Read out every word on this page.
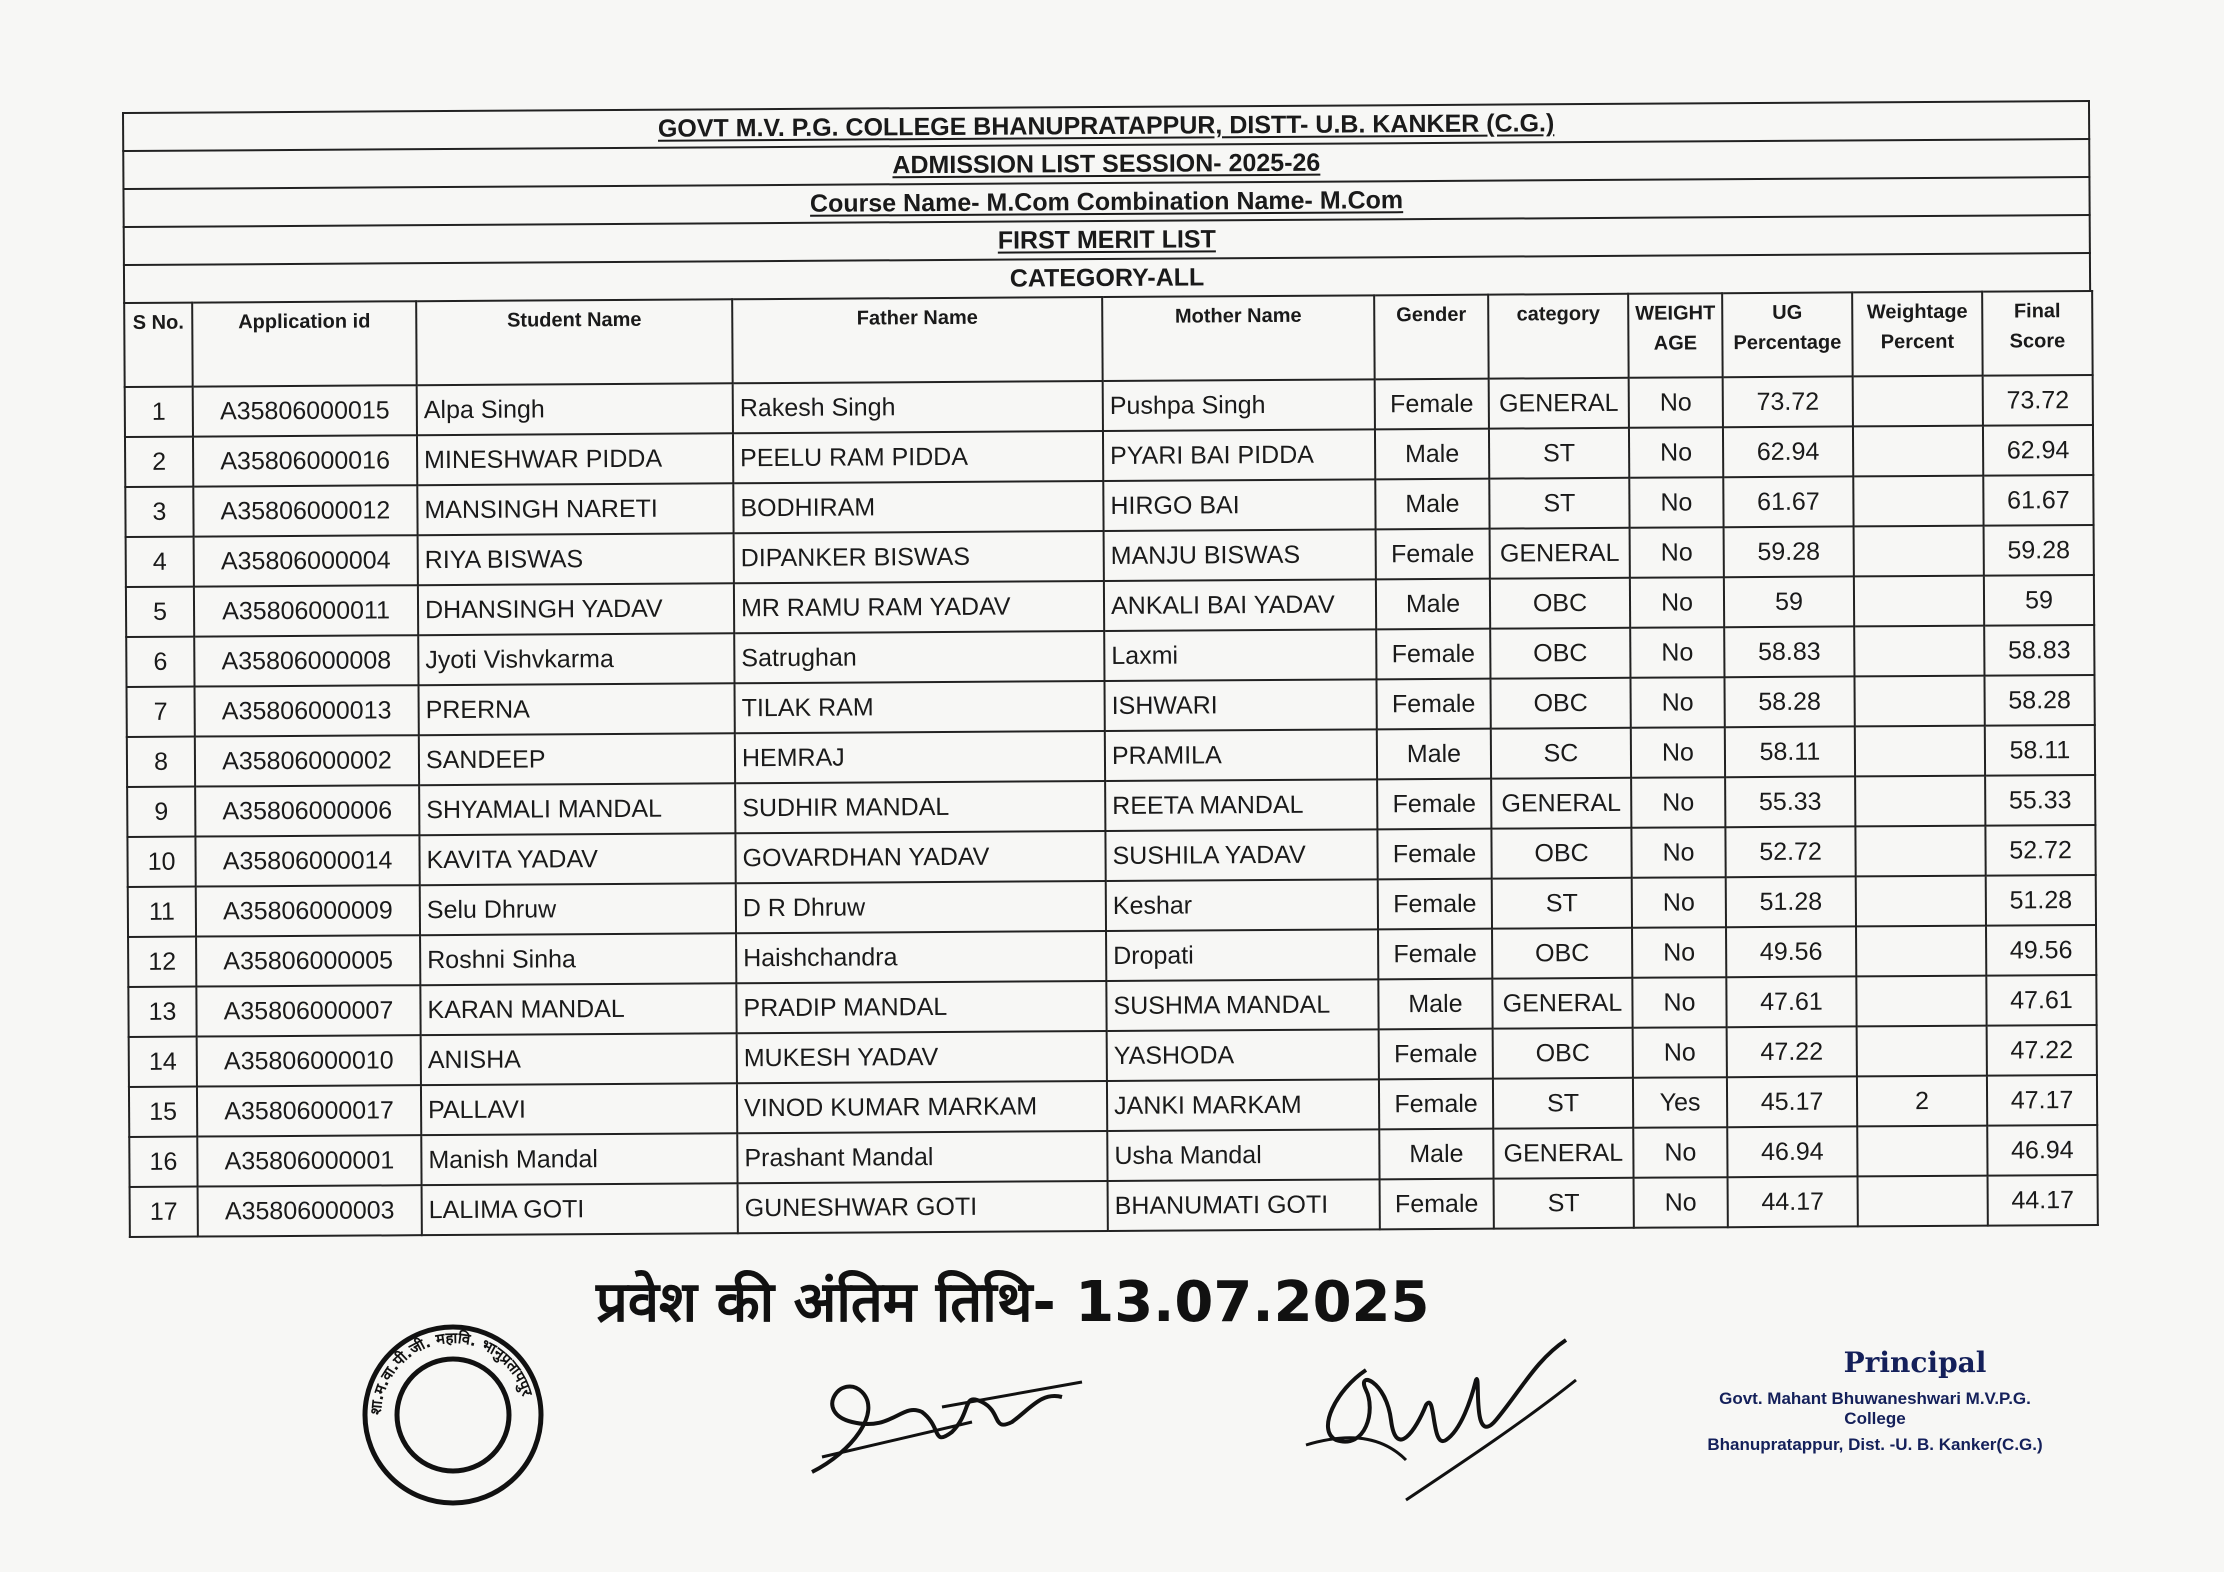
GOVT M.V. P.G. COLLEGE BHANUPRATAPPUR, DISTT- U.B. KANKER (C.G.)
ADMISSION LIST SESSION- 2025-26
Course Name- M.Com Combination Name- M.Com
FIRST MERIT LIST
CATEGORY-ALL
S No.	Application id	Student Name	Father Name	Mother Name	Gender	category	WEIGHT AGE	UG Percentage	Weightage Percent	Final Score
1	A35806000015	Alpa Singh	Rakesh Singh	Pushpa Singh	Female	GENERAL	No	73.72		73.72
2	A35806000016	MINESHWAR PIDDA	PEELU RAM PIDDA	PYARI BAI PIDDA	Male	ST	No	62.94		62.94
3	A35806000012	MANSINGH NARETI	BODHIRAM	HIRGO BAI	Male	ST	No	61.67		61.67
4	A35806000004	RIYA BISWAS	DIPANKER BISWAS	MANJU BISWAS	Female	GENERAL	No	59.28		59.28
5	A35806000011	DHANSINGH YADAV	MR RAMU RAM YADAV	ANKALI BAI YADAV	Male	OBC	No	59		59
6	A35806000008	Jyoti Vishvkarma	Satrughan	Laxmi	Female	OBC	No	58.83		58.83
7	A35806000013	PRERNA	TILAK RAM	ISHWARI	Female	OBC	No	58.28		58.28
8	A35806000002	SANDEEP	HEMRAJ	PRAMILA	Male	SC	No	58.11		58.11
9	A35806000006	SHYAMALI MANDAL	SUDHIR MANDAL	REETA MANDAL	Female	GENERAL	No	55.33		55.33
10	A35806000014	KAVITA YADAV	GOVARDHAN YADAV	SUSHILA YADAV	Female	OBC	No	52.72		52.72
11	A35806000009	Selu Dhruw	D R Dhruw	Keshar	Female	ST	No	51.28		51.28
12	A35806000005	Roshni Sinha	Haishchandra	Dropati	Female	OBC	No	49.56		49.56
13	A35806000007	KARAN MANDAL	PRADIP MANDAL	SUSHMA MANDAL	Male	GENERAL	No	47.61		47.61
14	A35806000010	ANISHA	MUKESH YADAV	YASHODA	Female	OBC	No	47.22		47.22
15	A35806000017	PALLAVI	VINOD KUMAR MARKAM	JANKI MARKAM	Female	ST	Yes	45.17	2	47.17
16	A35806000001	Manish Mandal	Prashant Mandal	Usha Mandal	Male	GENERAL	No	46.94		46.94
17	A35806000003	LALIMA GOTI	GUNESHWAR GOTI	BHANUMATI GOTI	Female	ST	No	44.17		44.17
प्रवेश की अंतिम तिथि- 13.07.2025
शा.म.वा.पी.जी. महावि. भानुप्रतापपुर
Principal
Govt. Mahant Bhuwaneshwari M.V.P.G. College
Bhanupratappur, Dist. -U. B. Kanker(C.G.)
